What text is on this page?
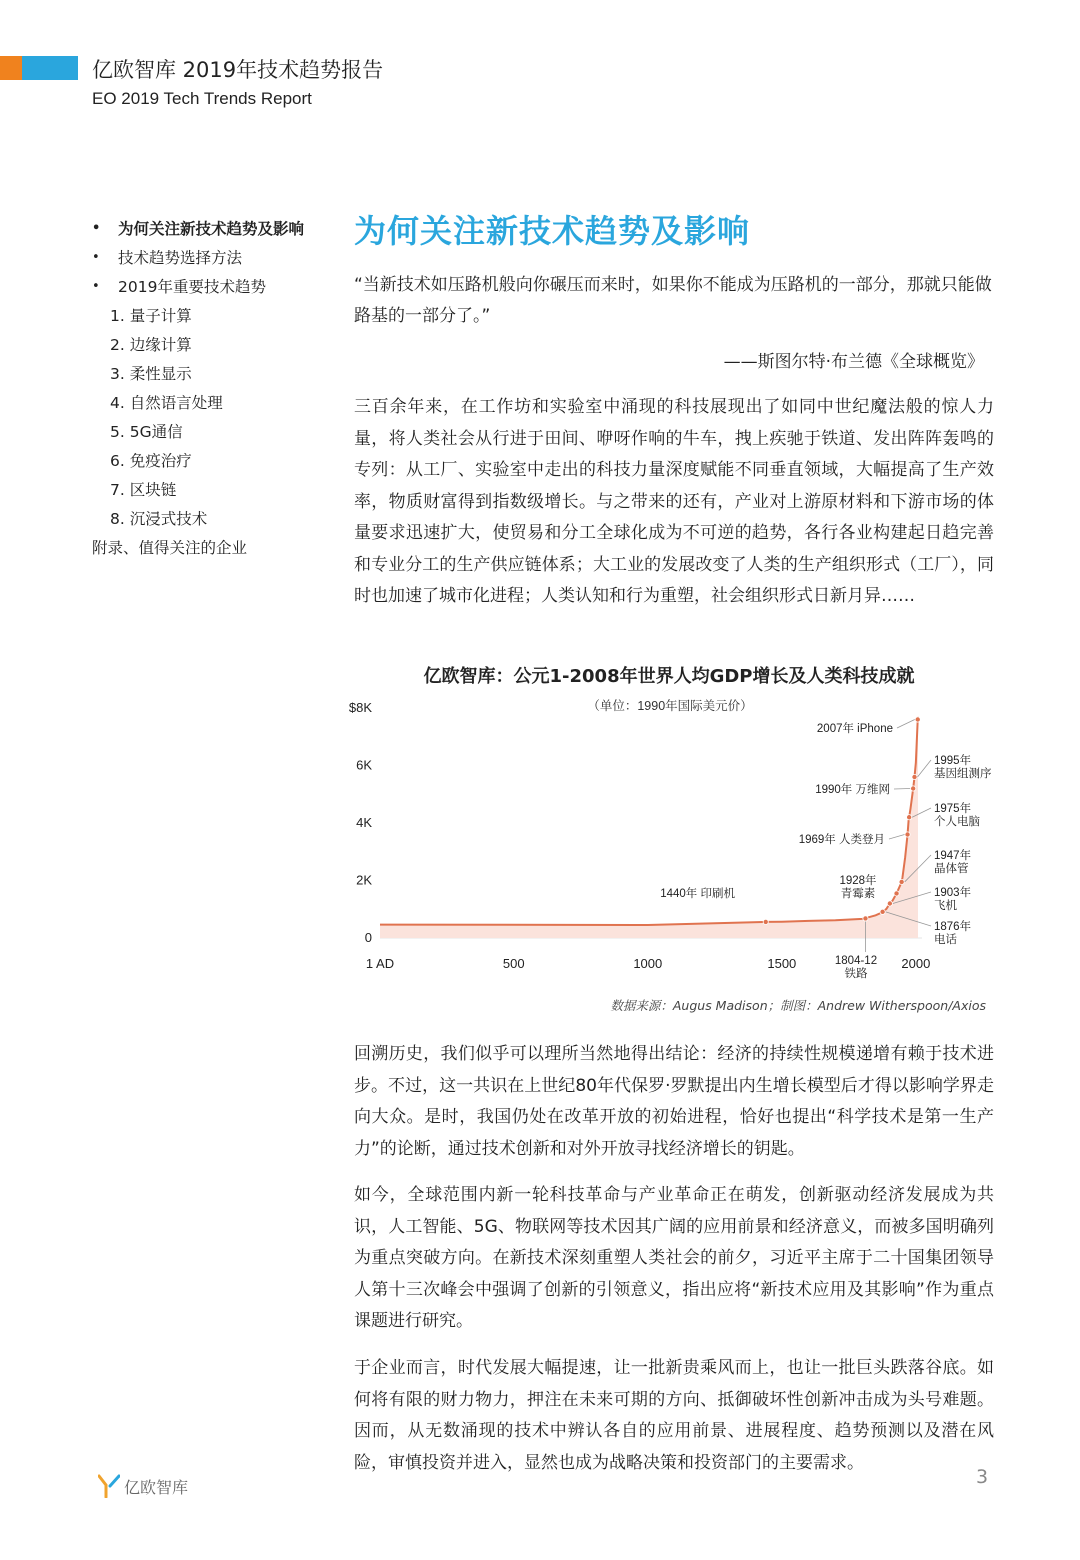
亿欧智库 2019年技术趋势报告
EO 2019 Tech Trends Report
• 为何关注新技术趋势及影响
• 技术趋势选择方法
• 2019年重要技术趋势
1. 量子计算
2. 边缘计算
3. 柔性显示
4. 自然语言处理
5. 5G通信
6. 免疫治疗
7. 区块链
8. 沉浸式技术
附录、值得关注的企业
为何关注新技术趋势及影响
“当新技术如压路机般向你碾压而来时，如果你不能成为压路机的一部分，那就只能做路基的一部分了。”
——斯图尔特·布兰德《全球概览》

三百余年来，在工作坊和实验室中涌现的科技展现出了如同中世纪魔法般的惊人力量，将人类社会从行进于田间、咿呀作响的牛车，拽上疾驰于铁道、发出阵阵轰鸣的专列：从工厂、实验室中走出的科技力量深度赋能不同垂直领域，大幅提高了生产效率，物质财富得到指数级增长。与之带来的还有，产业对上游原材料和下游市场的体量要求迅速扩大，使贸易和分工全球化成为不可逆的趋势，各行各业构建起日趋完善和专业分工的生产供应链体系；大工业的发展改变了人类的生产组织形式（工厂），同时也加速了城市化进程；人类认知和行为重塑，社会组织形式日新月异……

亿欧智库：公元1-2008年世界人均GDP增长及人类科技成就
（单位：1990年国际美元价）
0
2K
4K
6K
$8K
1 AD	500	1000	1500	2000
1440年 印刷机
1804-12
铁路
1876年
电话
1903年
飞机
1928年
青霉素
1947年
晶体管
1969年 人类登月
1975年
个人电脑
1990年 万维网
1995年
基因组测序
2007年 iPhone
数据来源：Augus Madison；制图：Andrew Witherspoon/Axios

回溯历史，我们似乎可以理所当然地得出结论：经济的持续性规模递增有赖于技术进步。不过，这一共识在上世纪80年代保罗·罗默提出内生增长模型后才得以影响学界走向大众。是时，我国仍处在改革开放的初始进程，恰好也提出“科学技术是第一生产力”的论断，通过技术创新和对外开放寻找经济增长的钥匙。

如今，全球范围内新一轮科技革命与产业革命正在萌发，创新驱动经济发展成为共识，人工智能、5G、物联网等技术因其广阔的应用前景和经济意义，而被多国明确列为重点突破方向。在新技术深刻重塑人类社会的前夕，习近平主席于二十国集团领导人第十三次峰会中强调了创新的引领意义，指出应将“新技术应用及其影响”作为重点课题进行研究。

于企业而言，时代发展大幅提速，让一批新贵乘风而上，也让一批巨头跌落谷底。如何将有限的财力物力，押注在未来可期的方向、抵御破坏性创新冲击成为头号难题。因而，从无数涌现的技术中辨认各自的应用前景、进展程度、趋势预测以及潜在风险，审慎投资并进入，显然也成为战略决策和投资部门的主要需求。

亿欧智库	3
